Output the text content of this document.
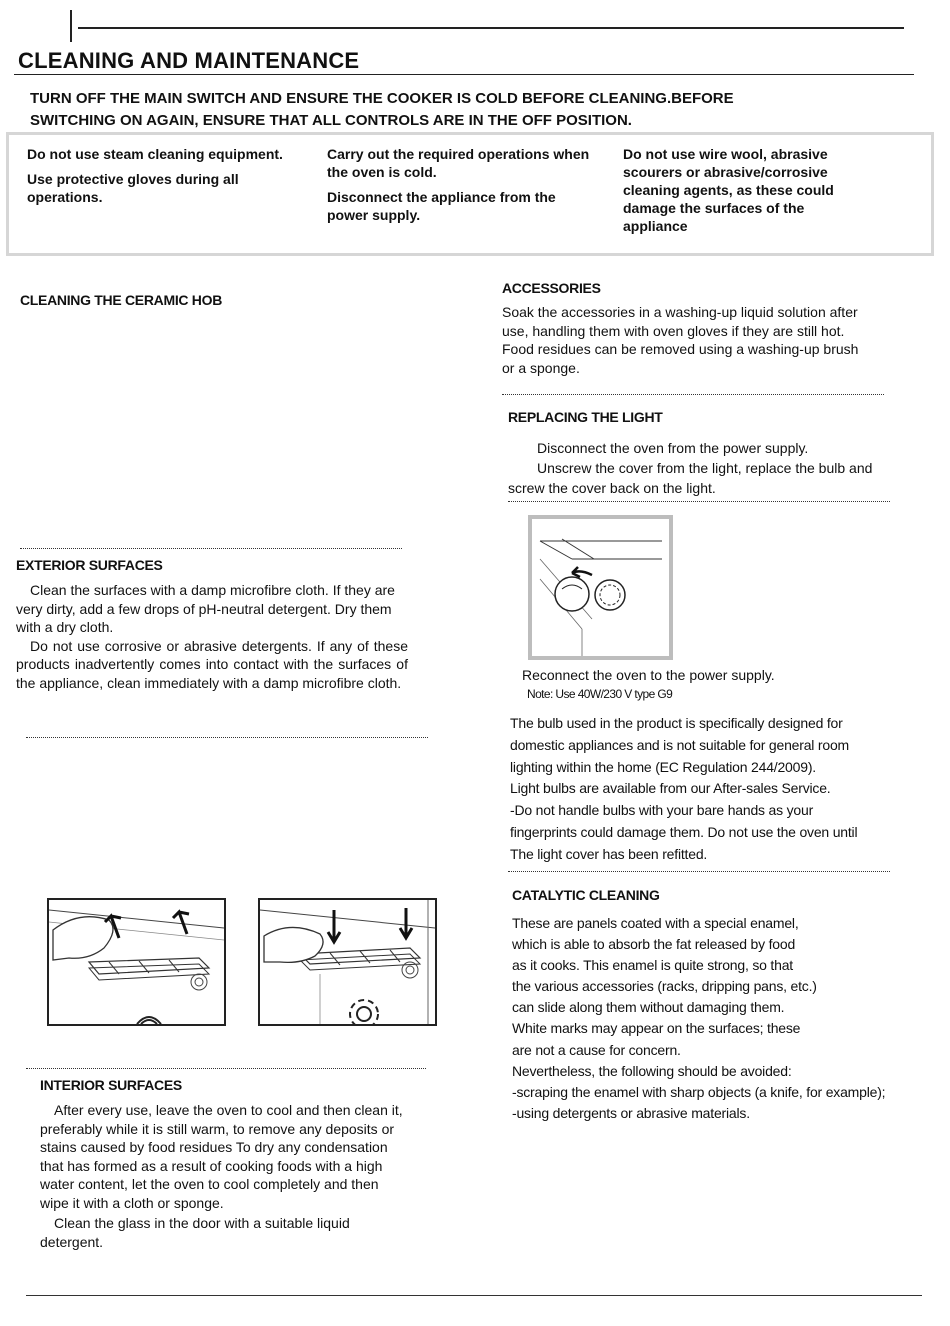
CLEANING AND MAINTENANCE
TURN OFF THE MAIN SWITCH AND ENSURE THE COOKER IS COLD BEFORE CLEANING.BEFORE
SWITCHING ON AGAIN, ENSURE THAT ALL CONTROLS ARE IN THE OFF POSITION.

Do not use steam cleaning equipment.

Use protective gloves during all operations.

Carry out the required operations when the oven is cold.

Disconnect the appliance from the power supply.

Do not use wire wool, abrasive scourers or abrasive/corrosive cleaning agents, as these could damage the surfaces of the appliance

CLEANING THE CERAMIC HOB
EXTERIOR SURFACES

Clean the surfaces with a damp microfibre cloth. If they are very dirty, add a few drops of pH-neutral detergent. Dry them with a dry cloth.

Do not use corrosive or abrasive detergents. If any of these products inadvertently comes into contact with the surfaces of the appliance, clean immediately with a damp microfibre cloth.

INTERIOR SURFACES

After every use, leave the oven to cool and then clean it, preferably while it is still warm, to remove any deposits or stains caused by food residues To dry any condensation that has formed as a result of cooking foods with a high water content, let the oven to cool completely and then wipe it with a cloth or sponge.

Clean the glass in the door with a suitable liquid detergent.

ACCESSORIES

Soak the accessories in a washing-up liquid solution after use, handling them with oven gloves if they are still hot. Food residues can be removed using a washing-up brush or a sponge.

REPLACING THE LIGHT

Disconnect the oven from the power supply.

Unscrew the cover from the light, replace the bulb and screw the cover back on the light.

Reconnect the oven to the power supply.
Note: Use 40W/230 V type G9
The bulb used in the product is specifically designed for
domestic appliances and is not suitable for general room
lighting within the home (EC Regulation 244/2009).
Light bulbs are available from our After-sales Service.
-Do not handle bulbs with your bare hands as your
fingerprints could damage them. Do not use the oven until
The light cover has been refitted.
CATALYTIC CLEANING
These are panels coated with a special enamel,
which is able to absorb the fat released by food
as it cooks. This enamel is quite strong, so that
the various accessories (racks, dripping pans, etc.)
can slide along them without damaging them.
White marks may appear on the surfaces; these
are not a cause for concern.
Nevertheless, the following should be avoided:
-scraping the enamel with sharp objects (a knife, for example);
-using detergents or abrasive materials.
